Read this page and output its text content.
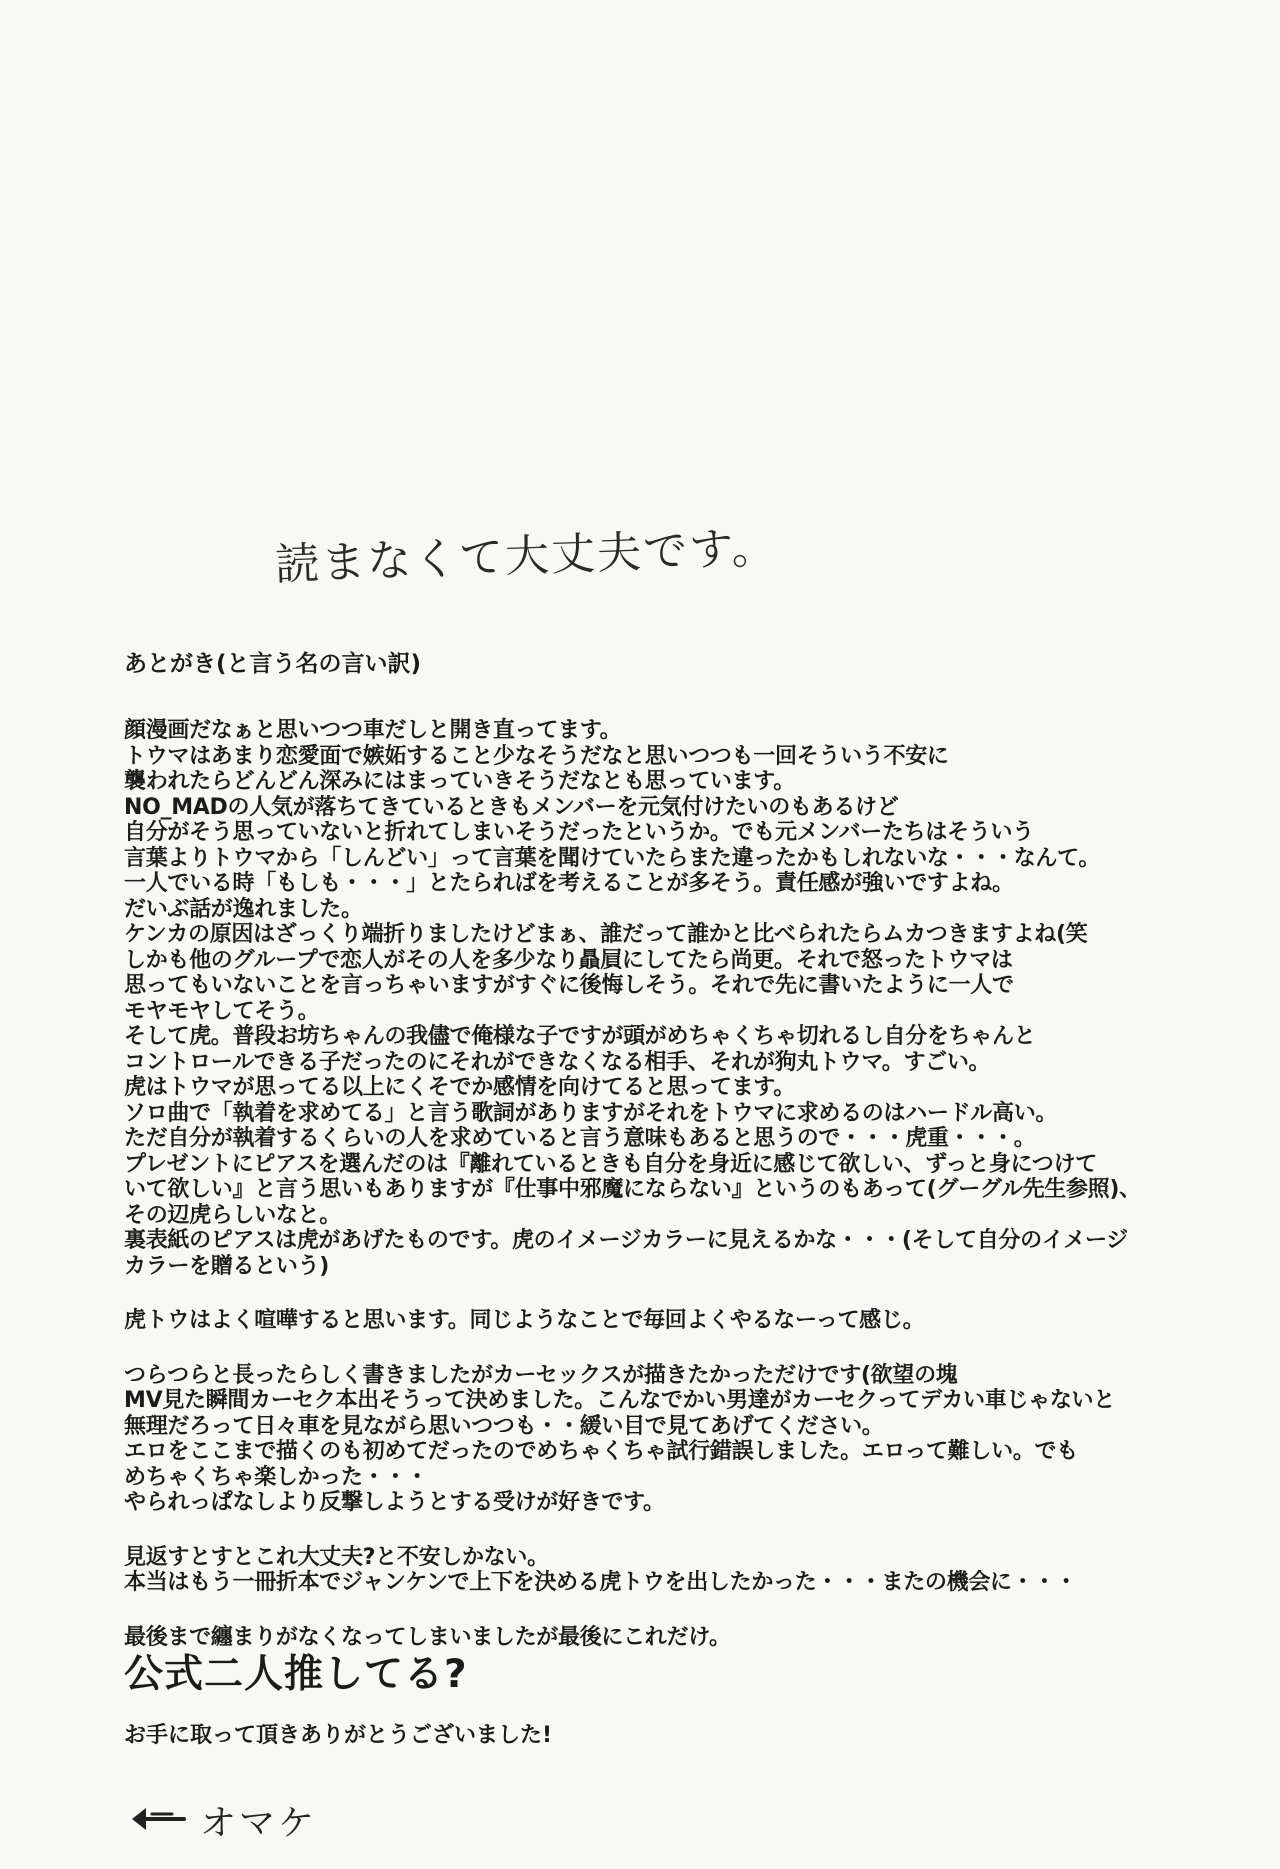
読まなくて大丈夫です。
あとがき(と言う名の言い訳)
顔漫画だなぁと思いつつ車だしと開き直ってます。
トウマはあまり恋愛面で嫉妬すること少なそうだなと思いつつも一回そういう不安に
襲われたらどんどん深みにはまっていきそうだなとも思っています。
NO_MADの人気が落ちてきているときもメンバーを元気付けたいのもあるけど
自分がそう思っていないと折れてしまいそうだったというか。でも元メンバーたちはそういう
言葉よりトウマから「しんどい」って言葉を聞けていたらまた違ったかもしれないな・・・なんて。
一人でいる時「もしも・・・」とたらればを考えることが多そう。責任感が強いですよね。
だいぶ話が逸れました。
ケンカの原因はざっくり端折りましたけどまぁ、誰だって誰かと比べられたらムカつきますよね(笑
しかも他のグループで恋人がその人を多少なり贔屓にしてたら尚更。それで怒ったトウマは
思ってもいないことを言っちゃいますがすぐに後悔しそう。それで先に書いたように一人で
モヤモヤしてそう。
そして虎。普段お坊ちゃんの我儘で俺様な子ですが頭がめちゃくちゃ切れるし自分をちゃんと
コントロールできる子だったのにそれができなくなる相手、それが狗丸トウマ。すごい。
虎はトウマが思ってる以上にくそでか感情を向けてると思ってます。
ソロ曲で「執着を求めてる」と言う歌詞がありますがそれをトウマに求めるのはハードル高い。
ただ自分が執着するくらいの人を求めていると言う意味もあると思うので・・・虎重・・・。
プレゼントにピアスを選んだのは『離れているときも自分を身近に感じて欲しい、ずっと身につけて
いて欲しい』と言う思いもありますが『仕事中邪魔にならない』というのもあって(グーグル先生参照)、
その辺虎らしいなと。
裏表紙のピアスは虎があげたものです。虎のイメージカラーに見えるかな・・・(そして自分のイメージ
カラーを贈るという)
虎トウはよく喧嘩すると思います。同じようなことで毎回よくやるなーって感じ。
つらつらと長ったらしく書きましたがカーセックスが描きたかっただけです(欲望の塊
MV見た瞬間カーセク本出そうって決めました。こんなでかい男達がカーセクってデカい車じゃないと
無理だろって日々車を見ながら思いつつも・・緩い目で見てあげてください。
エロをここまで描くのも初めてだったのでめちゃくちゃ試行錯誤しました。エロって難しい。でも
めちゃくちゃ楽しかった・・・
やられっぱなしより反撃しようとする受けが好きです。
見返すとすとこれ大丈夫?と不安しかない。
本当はもう一冊折本でジャンケンで上下を決める虎トウを出したかった・・・またの機会に・・・
最後まで纏まりがなくなってしまいましたが最後にこれだけ。
公式二人推してる?
お手に取って頂きありがとうございました!
オマケ
